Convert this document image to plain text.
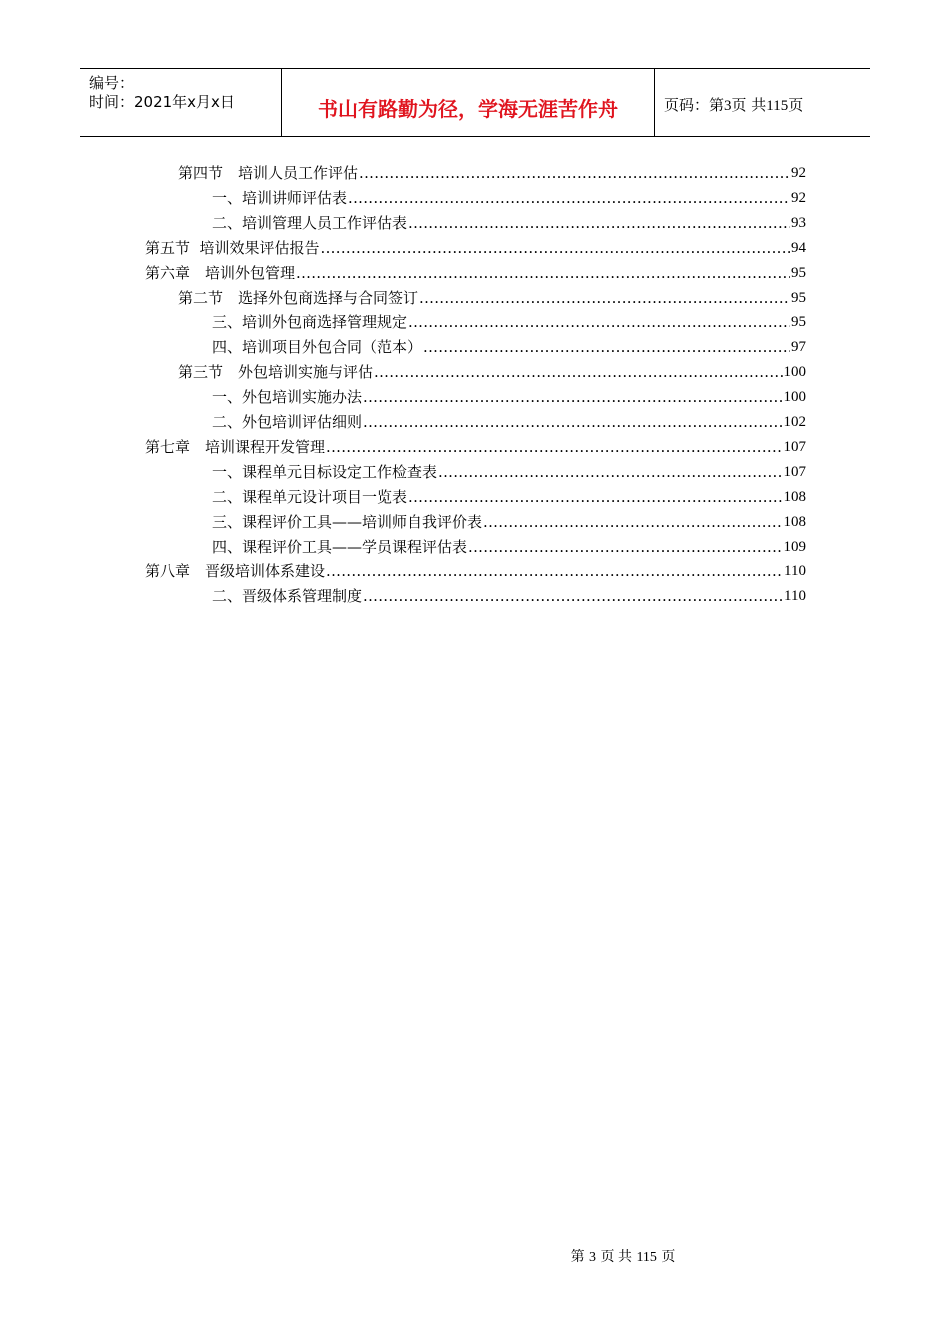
编号：
时间：2021年x月x日	书山有路勤为径，学海无涯苦作舟	页码：第3页 共115页
第四节　培训人员工作评估 .....	92
一、培训讲师评估表 .....	92
二、培训管理人员工作评估表 .....	93
第五节  培训效果评估报告 .....	94
第六章　培训外包管理 .....	95
第二节　选择外包商选择与合同签订 .....	95
三、培训外包商选择管理规定 .....	95
四、培训项目外包合同（范本） .....	97
第三节　外包培训实施与评估 .....	100
一、外包培训实施办法 .....	100
二、外包培训评估细则 .....	102
第七章　培训课程开发管理 .....	107
一、课程单元目标设定工作检查表 .....	107
二、课程单元设计项目一览表 .....	108
三、课程评价工具——培训师自我评价表 .....	108
四、课程评价工具——学员课程评估表 .....	109
第八章　晋级培训体系建设 .....	110
二、晋级体系管理制度 .....	110
第 3 页 共 115 页
